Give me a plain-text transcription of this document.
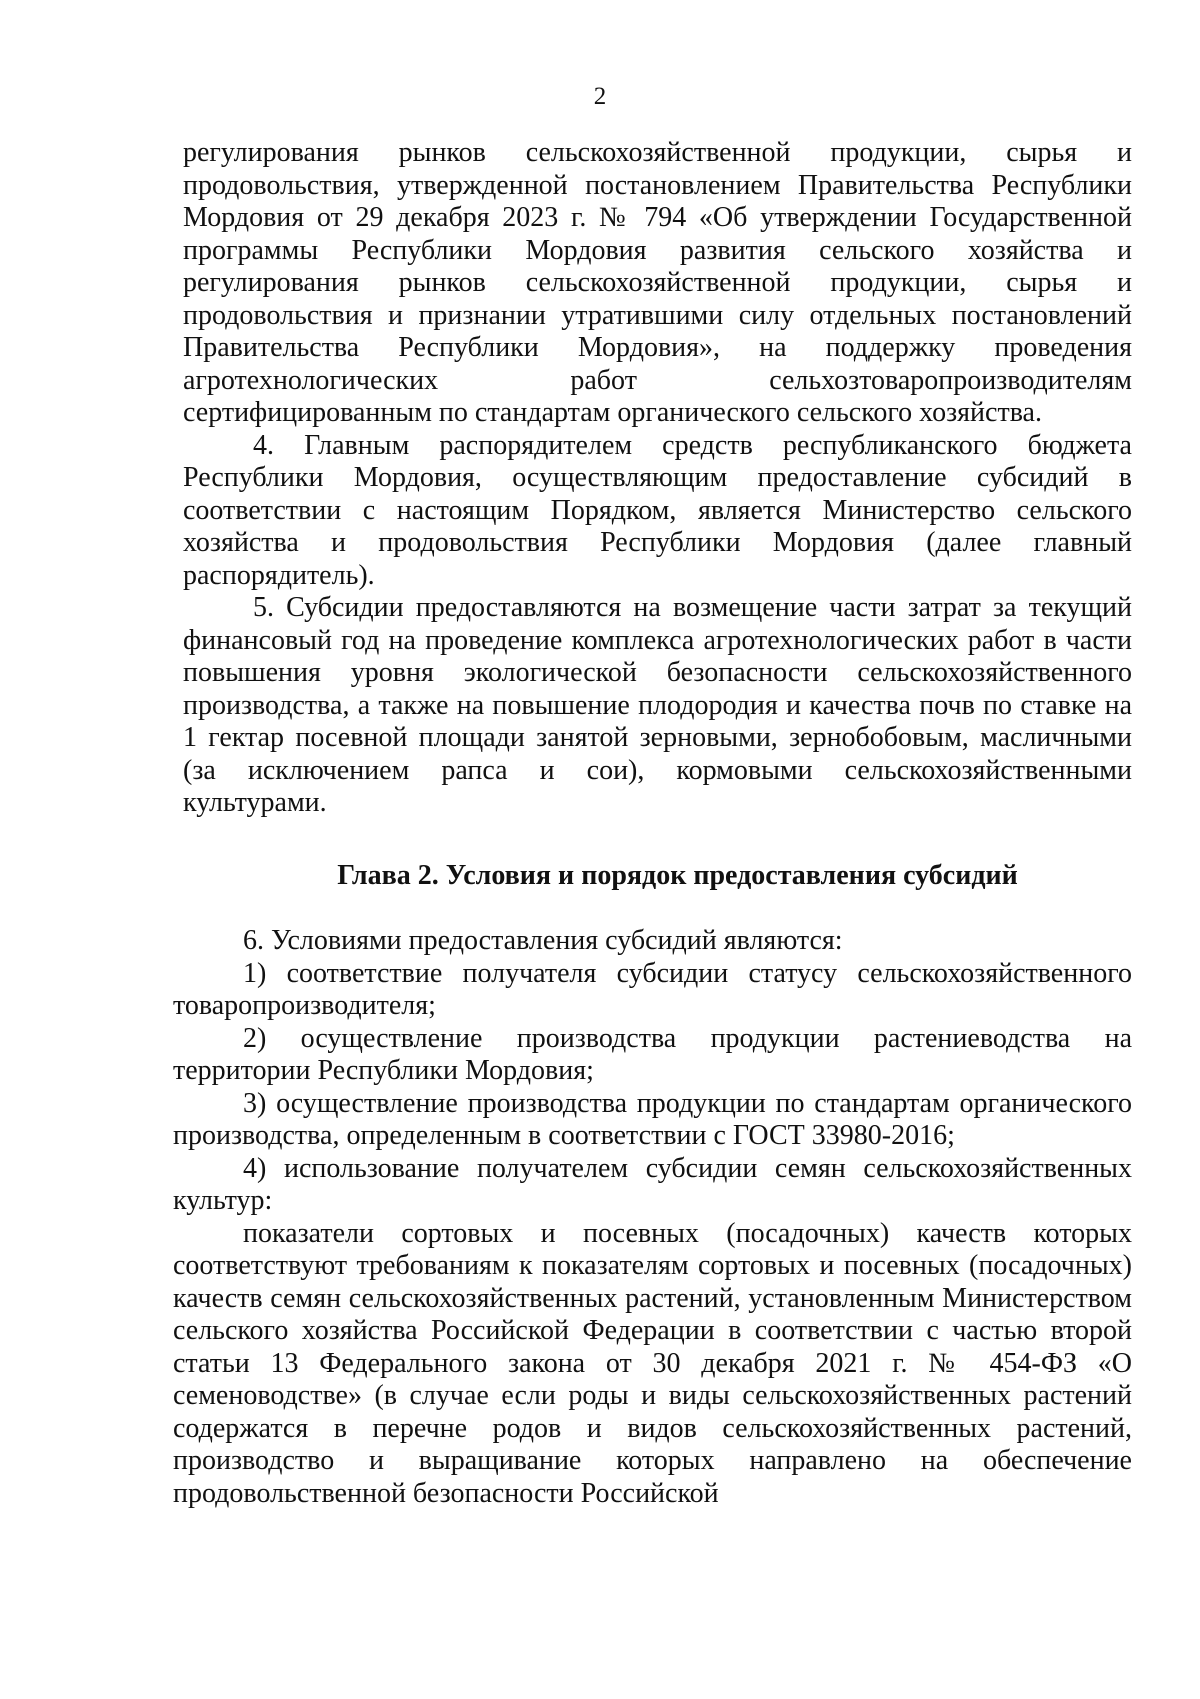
2

регулирования рынков сельскохозяйственной продукции, сырья и продовольствия, утвержденной постановлением Правительства Республики Мордовия от 29 декабря 2023 г. № 794 «Об утверждении Государственной программы Республики Мордовия развития сельского хозяйства и регулирования рынков сельскохозяйственной продукции, сырья и продовольствия и признании утратившими силу отдельных постановлений Правительства Республики Мордовия», на поддержку проведения агротехнологических работ сельхозтоваропроизводителям сертифицированным по стандартам органического сельского хозяйства.

4. Главным распорядителем средств республиканского бюджета Республики Мордовия, осуществляющим предоставление субсидий в соответствии с настоящим Порядком, является Министерство сельского хозяйства и продовольствия Республики Мордовия (далее главный распорядитель).

5. Субсидии предоставляются на возмещение части затрат за текущий финансовый год на проведение комплекса агротехнологических работ в части повышения уровня экологической безопасности сельскохозяйственного производства, а также на повышение плодородия и качества почв по ставке на 1 гектар посевной площади занятой зерновыми, зернобобовым, масличными (за исключением рапса и сои), кормовыми сельскохозяйственными культурами.

Глава 2. Условия и порядок предоставления субсидий

6. Условиями предоставления субсидий являются:

1) соответствие получателя субсидии статусу сельскохозяйственного товаропроизводителя;

2) осуществление производства продукции растениеводства на территории Республики Мордовия;

3) осуществление производства продукции по стандартам органического производства, определенным в соответствии с ГОСТ 33980-2016;

4) использование получателем субсидии семян сельскохозяйственных культур:

показатели сортовых и посевных (посадочных) качеств которых соответствуют требованиям к показателям сортовых и посевных (посадочных) качеств семян сельскохозяйственных растений, установленным Министерством сельского хозяйства Российской Федерации в соответствии с частью второй статьи 13 Федерального закона от 30 декабря 2021 г. № 454-ФЗ «О семеноводстве» (в случае если роды и виды сельскохозяйственных растений содержатся в перечне родов и видов сельскохозяйственных растений, производство и выращивание которых направлено на обеспечение продовольственной безопасности Российской
